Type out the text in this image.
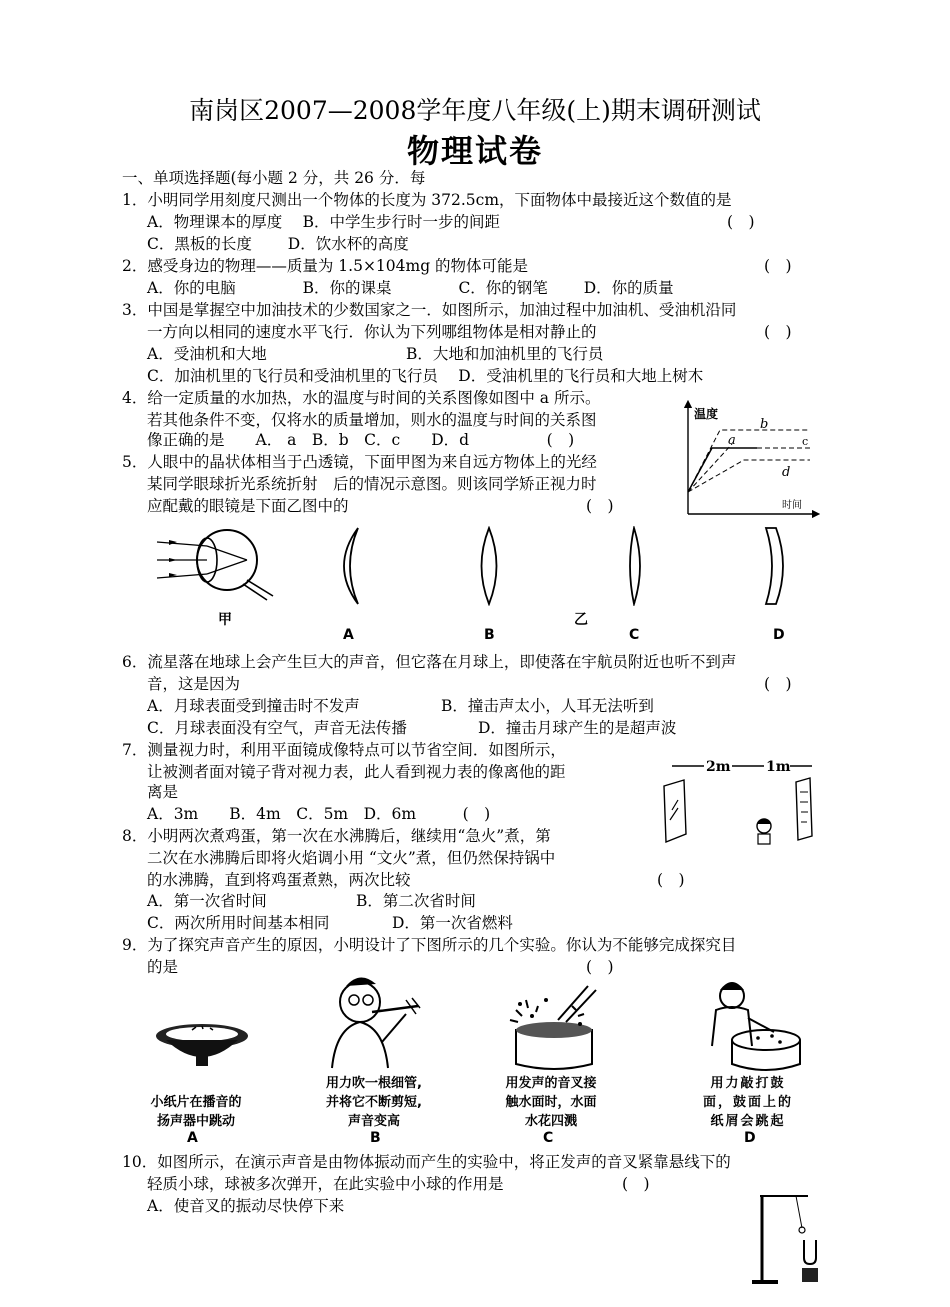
南岗区2007—2008学年度八年级(上)期末调研测试
物理试卷
一、单项选择题(每小题 2 分，共 26 分．每
1．小明同学用刻度尺测出一个物体的长度为 372.5cm，下面物体中最接近这个数值的是
A．物理课本的厚度　 B．中学生步行时一步的间距	(　)
C．黑板的长度　　 D．饮水杯的高度
2．感受身边的物理——质量为 1.5×104mg 的物体可能是	(　)
A．你的电脑　　　　 B．你的课桌　　　　 C．你的钢笔　　 D．你的质量
3．中国是掌握空中加油技术的少数国家之一．如图所示，加油过程中加油机、受油机沿同
一方向以相同的速度水平飞行．你认为下列哪组物体是相对静止的	(　)
A．受油机和大地	B．大地和加油机里的飞行员
C．加油机里的飞行员和受油机里的飞行员　 D．受油机里的飞行员和大地上树木
4．给一定质量的水加热，水的温度与时间的关系图像如图中 a 所示。
若其他条件不变，仅将水的质量增加，则水的温度与时间的关系图
像正确的是　　A． a　B．b　C．c　　D．d　　　　　(　)
温度
时间
a
b
c
d
5．人眼中的晶状体相当于凸透镜，下面甲图为来自远方物体上的光经
某同学眼球折光系统折射　后的情况示意图。则该同学矫正视力时
应配戴的眼镜是下面乙图中的	(　)
甲
A	B
乙
C	D
6．流星落在地球上会产生巨大的声音，但它落在月球上，即使落在宇航员附近也听不到声
音，这是因为	(　)
A．月球表面受到撞击时不发声	B．撞击声太小，人耳无法听到
C．月球表面没有空气，声音无法传播	D．撞击月球产生的是超声波
7．测量视力时，利用平面镜成像特点可以节省空间．如图所示，
让被测者面对镜子背对视力表，此人看到视力表的像离他的距
离是
A．3m　　B．4m　C．5m　D．6m　　　(　)
2m	1m
8．小明两次煮鸡蛋，第一次在水沸腾后，继续用“急火”煮，第
二次在水沸腾后即将火焰调小用 “文火”煮，但仍然保持锅中
的水沸腾，直到将鸡蛋煮熟，两次比较	(　)
A．第一次省时间	B．第二次省时间
C．两次所用时间基本相同	D．第一次省燃料
9．为了探究声音产生的原因，小明设计了下图所示的几个实验。你认为不能够完成探究目
的是	(　)
小纸片在播音的扬声器中跳动
A
用力吹一根细管,并将它不断剪短,声音变高
B
用发声的音叉接触水面时，水面水花四溅
C
用力敲打鼓面，鼓面上的纸屑会跳起
D
10．如图所示，在演示声音是由物体振动而产生的实验中，将正发声的音叉紧靠悬线下的
轻质小球，球被多次弹开，在此实验中小球的作用是	(　)
A．使音叉的振动尽快停下来
